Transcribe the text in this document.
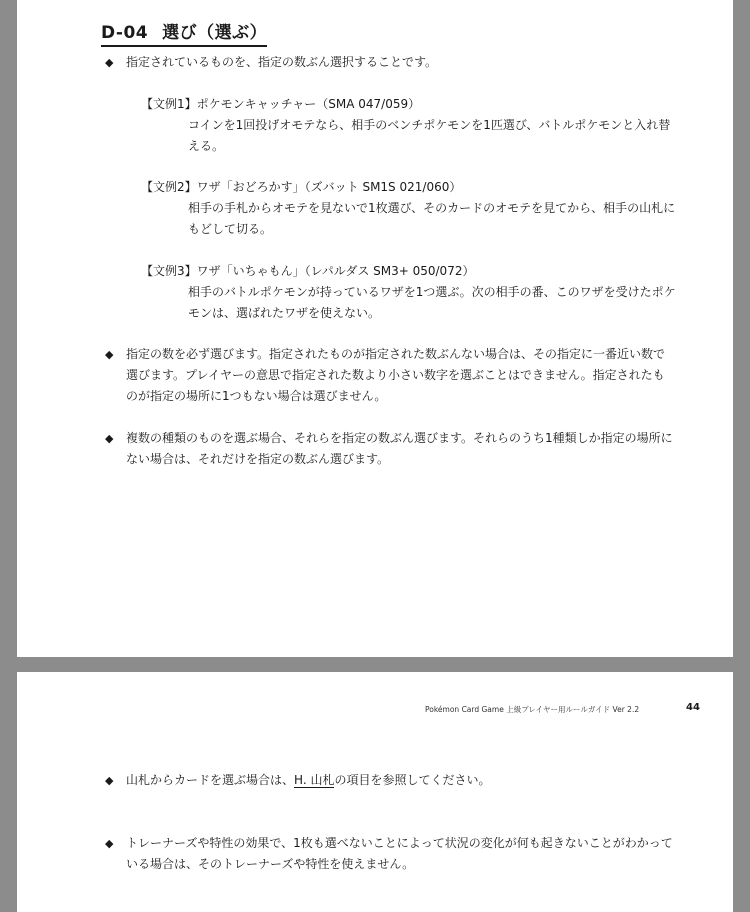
D-04 選び（選ぶ）
◆ 指定されているものを、指定の数ぶん選択することです。
【文例1】ポケモンキャッチャー（SMA 047/059）
コインを1回投げオモテなら、相手のベンチポケモンを1匹選び、バトルポケモンと入れ替える。
【文例2】ワザ「おどろかす」（ズバット SM1S 021/060）
相手の手札からオモテを見ないで1枚選び、そのカードのオモテを見てから、相手の山札にもどして切る。
【文例3】ワザ「いちゃもん」（レパルダス SM3+ 050/072）
相手のバトルポケモンが持っているワザを1つ選ぶ。次の相手の番、このワザを受けたポケモンは、選ばれたワザを使えない。
◆ 指定の数を必ず選びます。指定されたものが指定された数ぶんない場合は、その指定に一番近い数で選びます。プレイヤーの意思で指定された数より小さい数字を選ぶことはできません。指定されたものが指定の場所に1つもない場合は選びません。
◆ 複数の種類のものを選ぶ場合、それらを指定の数ぶん選びます。それらのうち1種類しか指定の場所にない場合は、それだけを指定の数ぶん選びます。
Pokémon Card Game 上級プレイヤー用ルールガイド Ver 2.2	44
◆ 山札からカードを選ぶ場合は、H. 山札の項目を参照してください。
◆ トレーナーズや特性の効果で、1枚も選べないことによって状況の変化が何も起きないことがわかっている場合は、そのトレーナーズや特性を使えません。
